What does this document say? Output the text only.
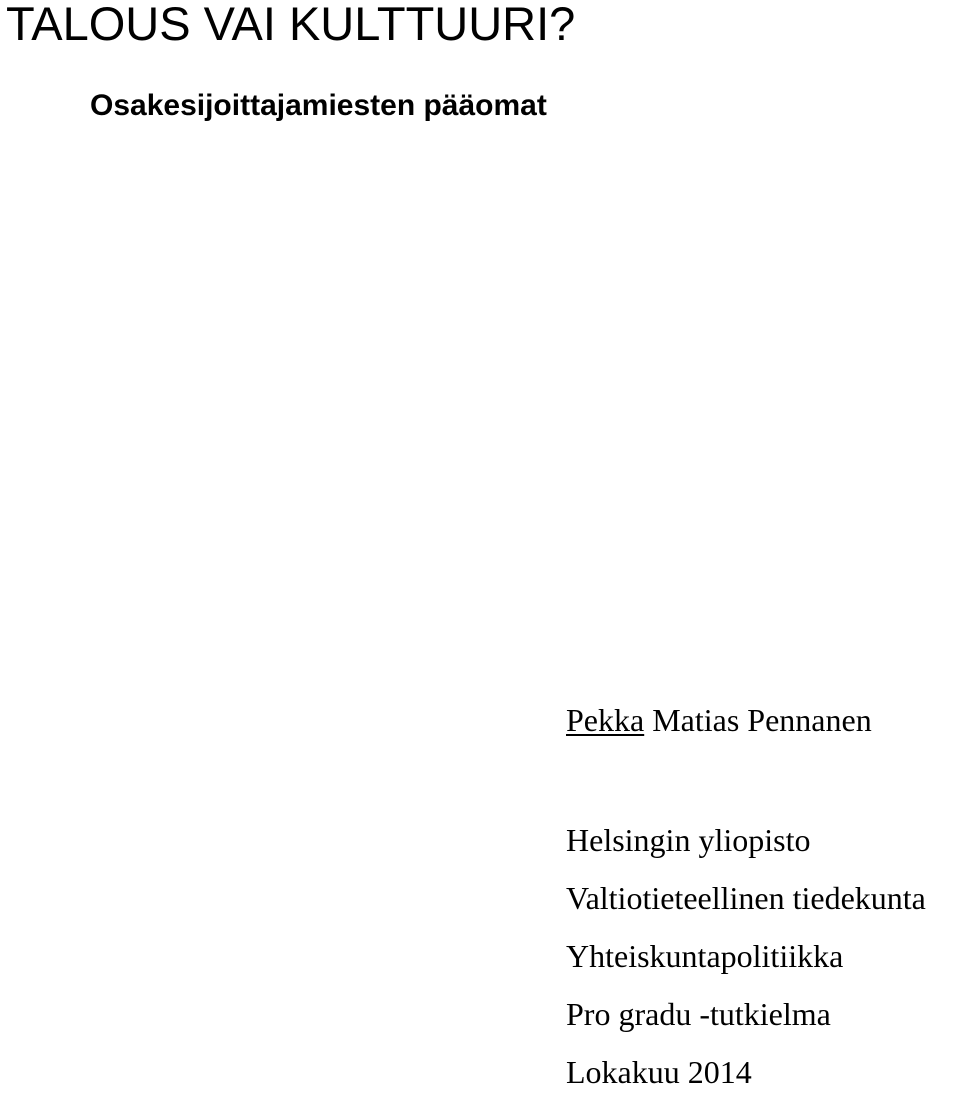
TALOUS VAI KULTTUURI?
Osakesijoittajamiesten pääomat

Pekka Matias Pennanen

Helsingin yliopisto
Valtiotieteellinen tiedekunta
Yhteiskuntapolitiikka
Pro gradu -tutkielma
Lokakuu 2014
